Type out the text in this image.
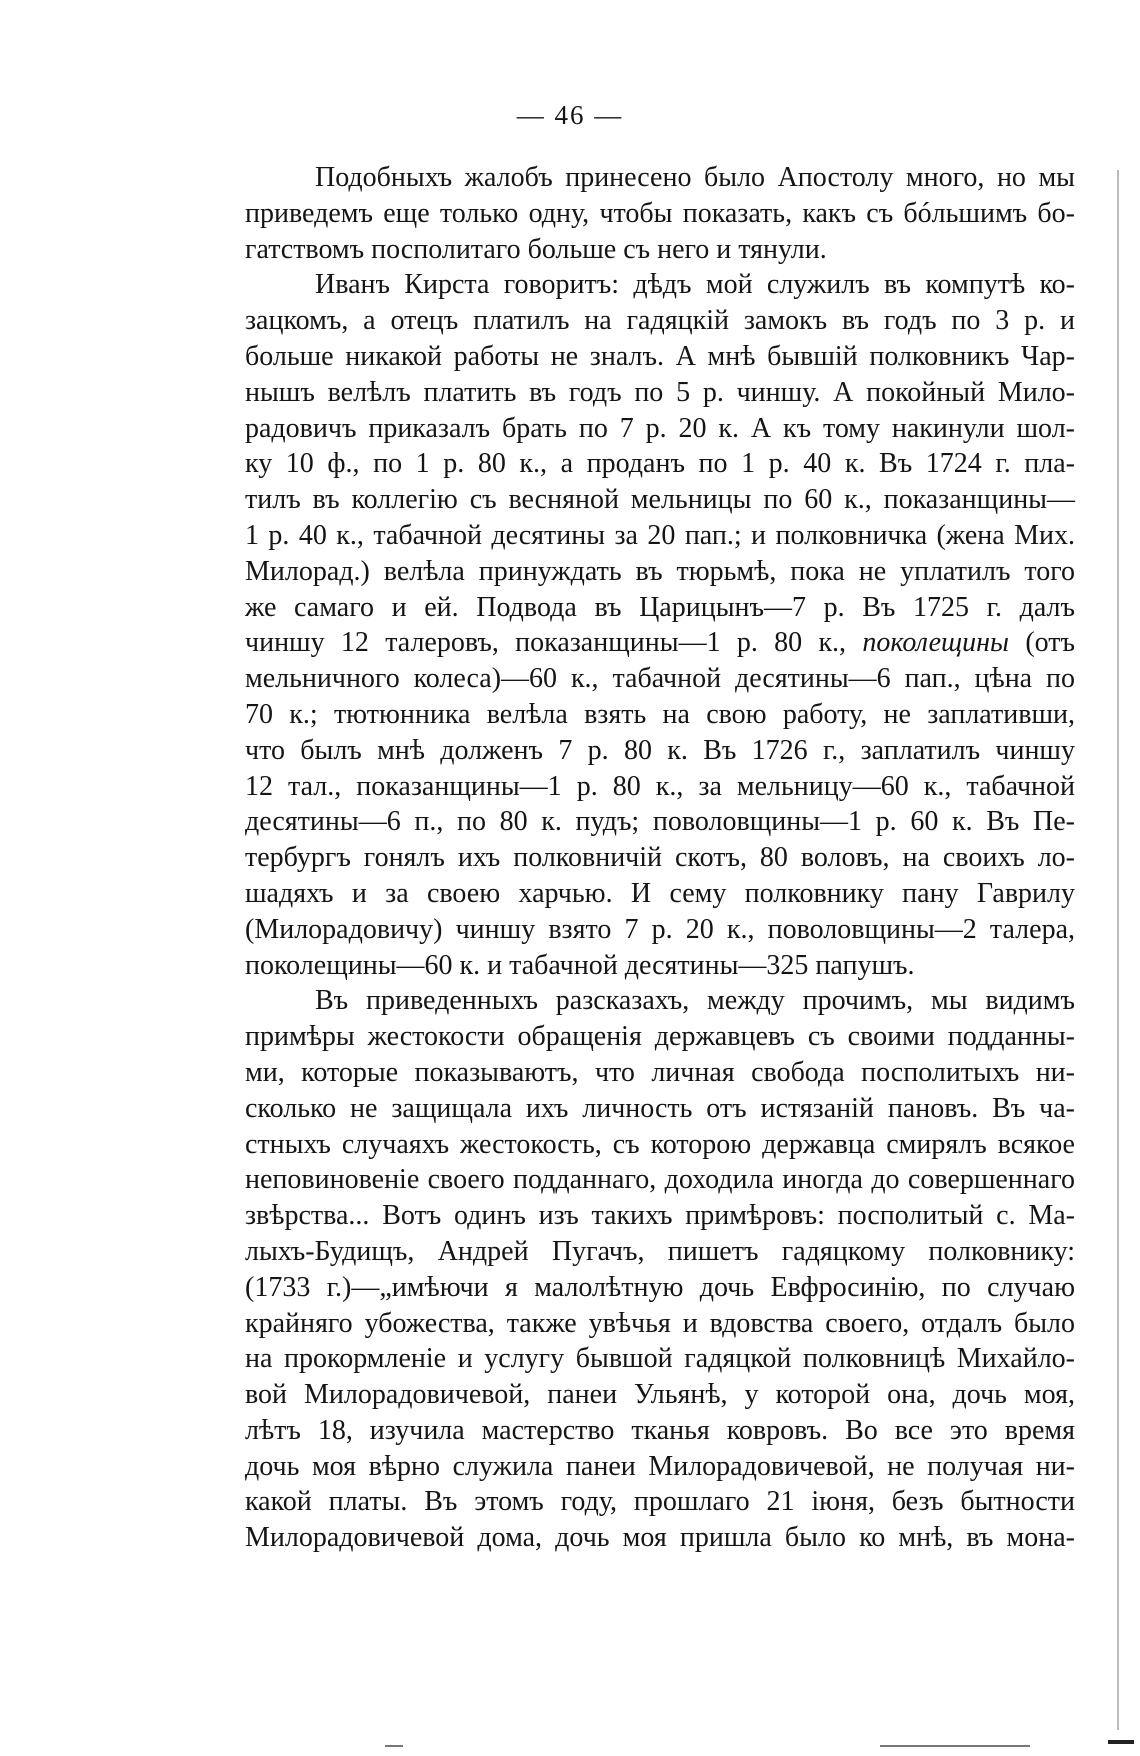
— 46 —

Подобныхъ жалобъ принесено было Апостолу много, но мы
приведемъ еще только одну, чтобы показать, какъ съ бóльшимъ бо-
гатствомъ посполитаго больше съ него и тянули.

Иванъ Кирста говоритъ: дѣдъ мой служилъ въ компутѣ ко-
зацкомъ, а отецъ платилъ на гадяцкій замокъ въ годъ по 3 р. и
больше никакой работы не зналъ. А мнѣ бывшій полковникъ Чар-
нышъ велѣлъ платить въ годъ по 5 р. чиншу. А покойный Мило-
радовичъ приказалъ брать по 7 р. 20 к. А къ тому накинули шол-
ку 10 ф., по 1 р. 80 к., а проданъ по 1 р. 40 к. Въ 1724 г. пла-
тилъ въ коллегію съ весняной мельницы по 60 к., показанщины—
1 р. 40 к., табачной десятины за 20 пап.; и полковничка (жена Мих.
Милорад.) велѣла принуждать въ тюрьмѣ, пока не уплатилъ того
же самаго и ей. Подвода въ Царицынъ—7 р. Въ 1725 г. далъ
чиншу 12 талеровъ, показанщины—1 р. 80 к., поколещины (отъ
мельничного колеса)—60 к., табачной десятины—6 пап., цѣна по
70 к.; тютюнника велѣла взять на свою работу, не заплативши,
что былъ мнѣ долженъ 7 р. 80 к. Въ 1726 г., заплатилъ чиншу
12 тал., показанщины—1 р. 80 к., за мельницу—60 к., табачной
десятины—6 п., по 80 к. пудъ; поволовщины—1 р. 60 к. Въ Пе-
тербургъ гонялъ ихъ полковничій скотъ, 80 воловъ, на своихъ ло-
шадяхъ и за своею харчью. И сему полковнику пану Гаврилу
(Милорадовичу) чиншу взято 7 р. 20 к., поволовщины—2 талера,
поколещины—60 к. и табачной десятины—325 папушъ.

Въ приведенныхъ разсказахъ, между прочимъ, мы видимъ
примѣры жестокости обращенія державцевъ съ своими подданны-
ми, которые показываютъ, что личная свобода посполитыхъ ни-
сколько не защищала ихъ личность отъ истязаній пановъ. Въ ча-
стныхъ случаяхъ жестокость, съ которою державца смирялъ всякое
неповиновеніе своего подданнаго, доходила иногда до совершеннаго
звѣрства... Вотъ одинъ изъ такихъ примѣровъ: посполитый с. Ма-
лыхъ-Будищъ, Андрей Пугачъ, пишетъ гадяцкому полковнику:
(1733 г.)—„имѣючи я малолѣтную дочь Евфросинію, по случаю
крайняго убожества, также увѣчья и вдовства своего, отдалъ было
на прокормленіе и услугу бывшой гадяцкой полковницѣ Михайло-
вой Милорадовичевой, панеи Ульянѣ, у которой она, дочь моя,
лѣтъ 18, изучила мастерство тканья ковровъ. Во все это время
дочь моя вѣрно служила панеи Милорадовичевой, не получая ни-
какой платы. Въ этомъ году, прошлаго 21 іюня, безъ бытности
Милорадовичевой дома, дочь моя пришла было ко мнѣ, въ мона-
